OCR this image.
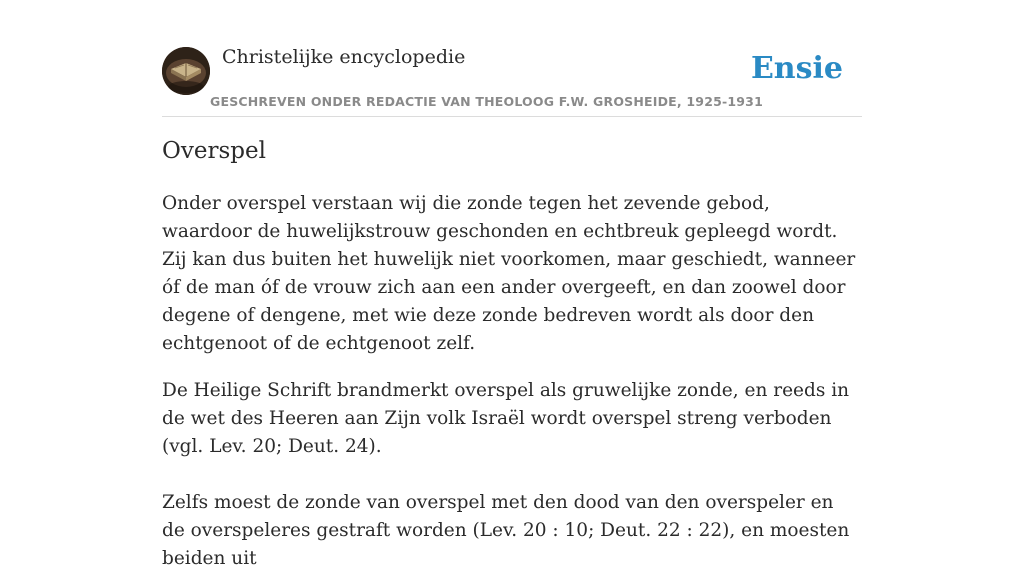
Christelijke encyclopedie
GESCHREVEN ONDER REDACTIE VAN THEOLOOG F.W. GROSHEIDE, 1925-1931
Ensie
Overspel

Onder overspel verstaan wij die zonde tegen het zevende gebod, waardoor de huwelijkstrouw geschonden en echtbreuk gepleegd wordt. Zij kan dus buiten het huwelijk niet voorkomen, maar geschiedt, wanneer óf de man óf de vrouw zich aan een ander overgeeft, en dan zoowel door degene of dengene, met wie deze zonde bedreven wordt als door den echtgenoot of de echtgenoot zelf.

De Heilige Schrift brandmerkt overspel als gruwelijke zonde, en reeds in de wet des Heeren aan Zijn volk Israël wordt overspel streng verboden (vgl. Lev. 20; Deut. 24).

Zelfs moest de zonde van overspel met den dood van den overspeler en de overspeleres gestraft worden (Lev. 20 : 10; Deut. 22 : 22), en moesten beiden uit
